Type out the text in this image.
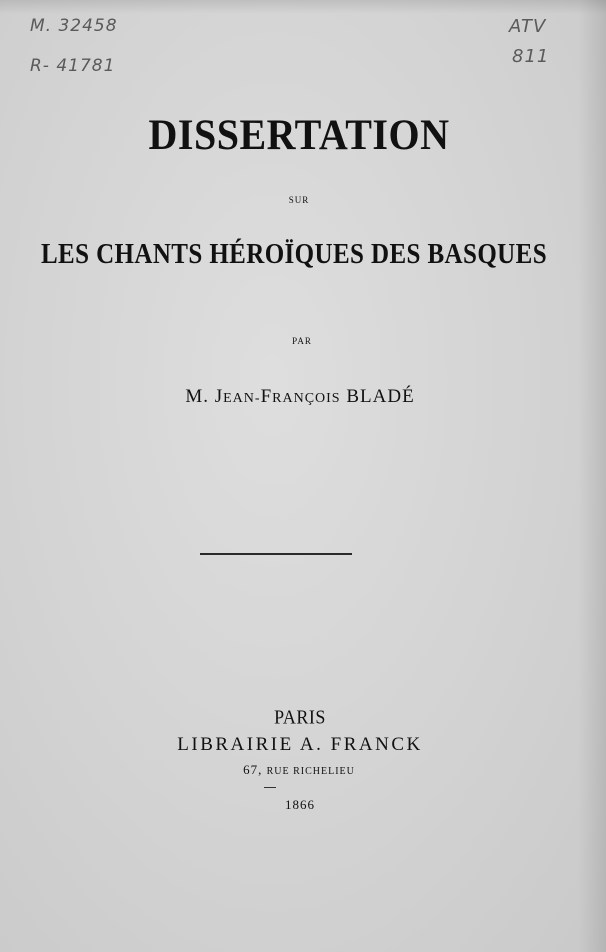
M. 32458
R- 41781
ATV
811
DISSERTATION
SUR
LES CHANTS HÉROÏQUES DES BASQUES
PAR
M. JEAN-FRANÇOIS BLADÉ
PARIS
LIBRAIRIE A. FRANCK
67, RUE RICHELIEU
1866
